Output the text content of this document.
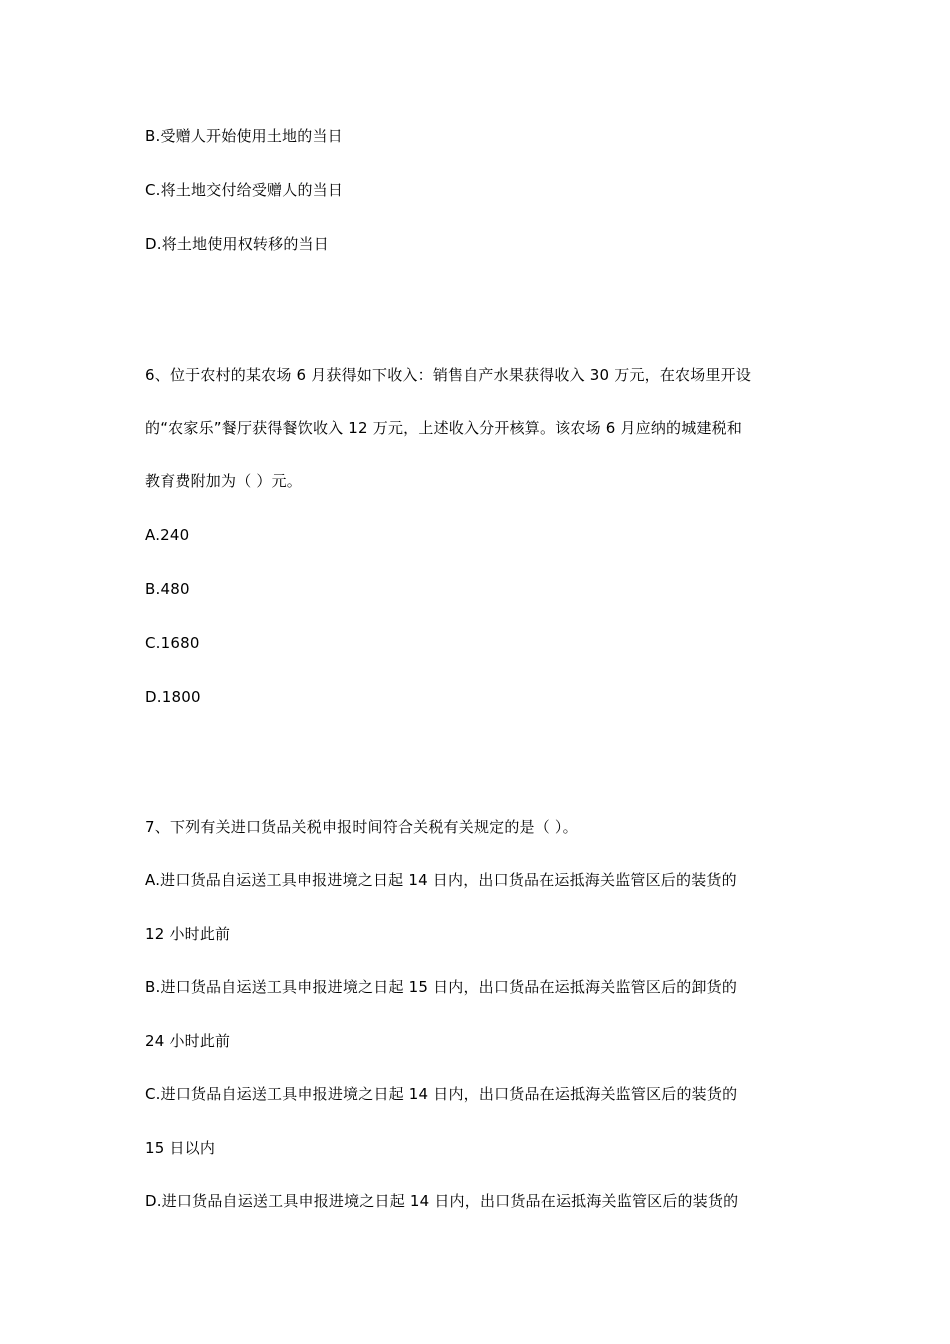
B.受赠人开始使用土地的当日
C.将土地交付给受赠人的当日
D.将土地使用权转移的当日
6、位于农村的某农场 6 月获得如下收入：销售自产水果获得收入 30 万元，在农场里开设
的“农家乐”餐厅获得餐饮收入 12 万元，上述收入分开核算。该农场 6 月应纳的城建税和
教育费附加为（ ）元。
A.240
B.480
C.1680
D.1800
7、下列有关进口货品关税申报时间符合关税有关规定的是（ ）。
A.进口货品自运送工具申报进境之日起 14 日内，出口货品在运抵海关监管区后的装货的
12 小时此前
B.进口货品自运送工具申报进境之日起 15 日内，出口货品在运抵海关监管区后的卸货的
24 小时此前
C.进口货品自运送工具申报进境之日起 14 日内，出口货品在运抵海关监管区后的装货的
15 日以内
D.进口货品自运送工具申报进境之日起 14 日内，出口货品在运抵海关监管区后的装货的
